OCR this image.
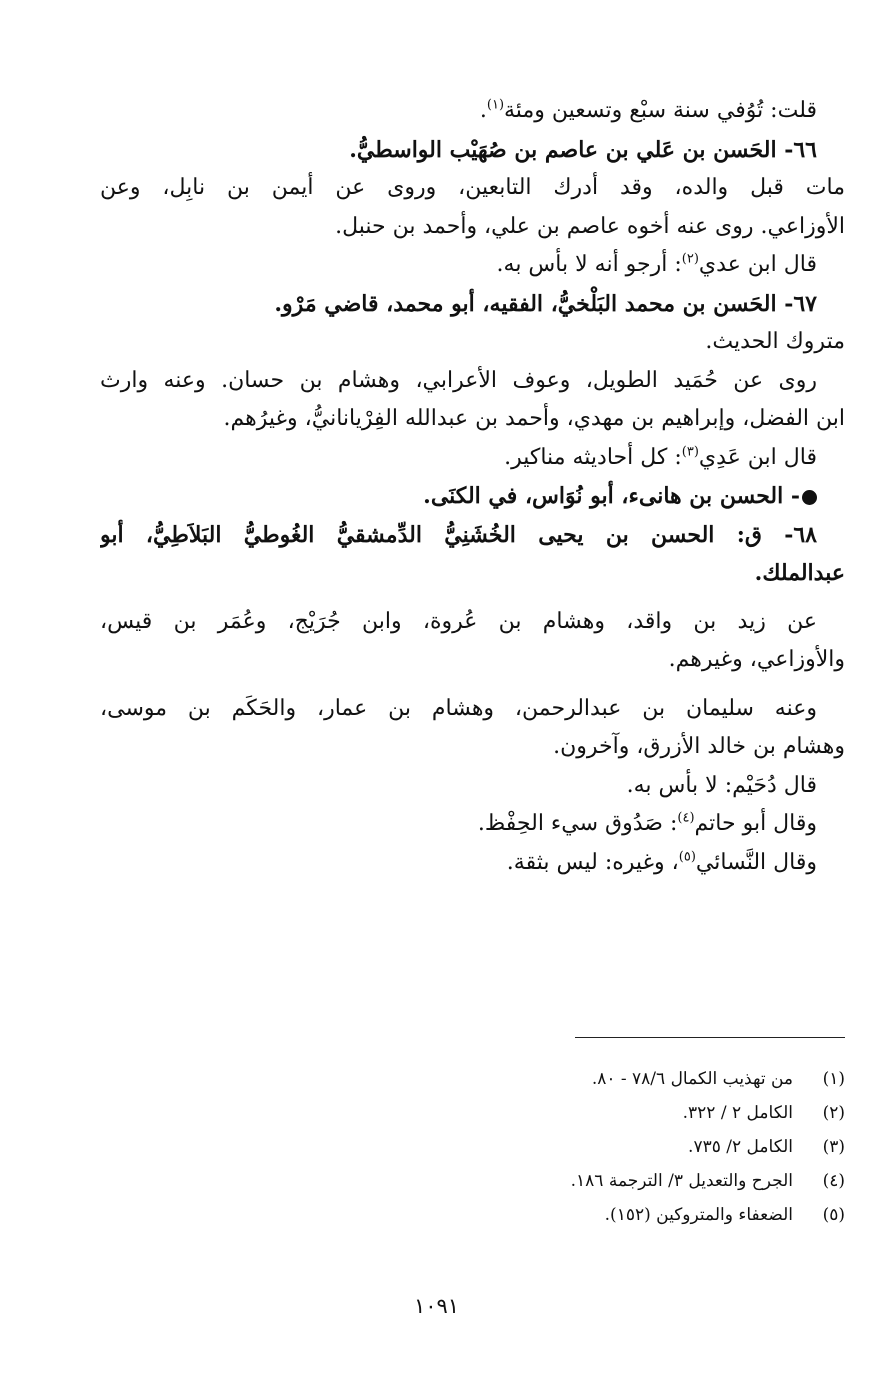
قلت: تُوُفي سنة سبْع وتسعين ومئة$^{(١)}$.
٦٦- الحَسن بن عَلي بن عاصم بن صُهَيْب الواسطيُّ.
مات قبل والده، وقد أدرك التابعين، وروى عن أيمن بن نابِل، وعن
الأوزاعي. روى عنه أخوه عاصم بن علي، وأحمد بن حنبل.
قال ابن عدي$^{(٢)}$: أرجو أنه لا بأس به.
٦٧- الحَسن بن محمد البَلْخيُّ، الفقيه، أبو محمد، قاضي مَرْو.
متروك الحديث.
روى عن حُمَيد الطويل، وعوف الأعرابي، وهشام بن حسان. وعنه وارث
ابن الفضل، وإبراهيم بن مهدي، وأحمد بن عبدالله الفِرْيانانيُّ، وغيرُهم.
قال ابن عَدِي$^{(٣)}$: كل أحاديثه مناكير.
- الحسن بن هانىء، أبو نُوَاس، في الكنَى.
٦٨- ق: الحسن بن يحيى الخُشَنِيُّ الدِّمشقيُّ الغُوطيُّ البَلاَطِيُّ، أبو
عبدالملك.
عن زيد بن واقد، وهشام بن عُروة، وابن جُرَيْج، وعُمَر بن قيس،
والأوزاعي، وغيرهم.
وعنه سليمان بن عبدالرحمن، وهشام بن عمار، والحَكَم بن موسى،
وهشام بن خالد الأزرق، وآخرون.
قال دُحَيْم: لا بأس به.
وقال أبو حاتم$^{(٤)}$: صَدُوق سيء الحِفْظ.
وقال النَّسائي$^{(٥)}$، وغيره: ليس بثقة.
(١)من تهذيب الكمال ٧٨/٦ - ٨٠.
(٢)الكامل ٢ / ٣٢٢.
(٣)الكامل ٢/ ٧٣٥.
(٤)الجرح والتعديل ٣/ الترجمة ١٨٦.
(٥)الضعفاء والمتروكين (١٥٢).
١٠٩١
